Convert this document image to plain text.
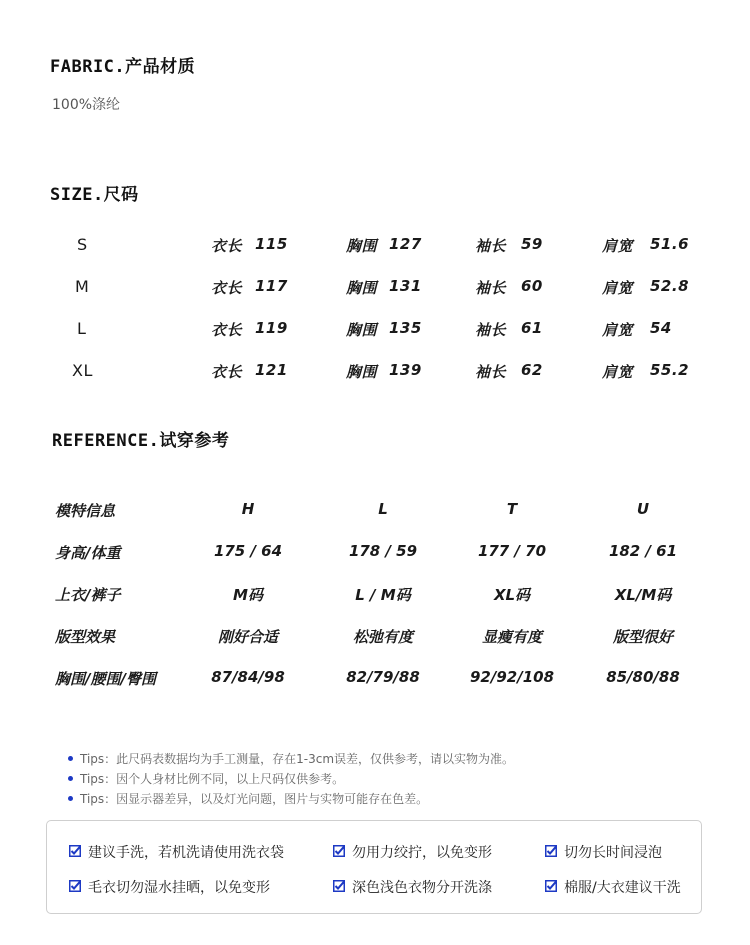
FABRIC.产品材质
100%涤纶
SIZE.尺码
S	衣长 115	胸围 127	袖长 59	肩宽 51.6
M	衣长 117	胸围 131	袖长 60	肩宽 52.8
L	衣长 119	胸围 135	袖长 61	肩宽 54
XL	衣长 121	胸围 139	袖长 62	肩宽 55.2
REFERENCE.试穿参考
模特信息	H	L	T	U
身高/体重	175 / 64	178 / 59	177 / 70	182 / 61
上衣/裤子	M码	L / M码	XL码	XL/M码
版型效果	刚好合适	松弛有度	显瘦有度	版型很好
胸围/腰围/臀围	87/84/98	82/79/88	92/92/108	85/80/88
Tips：此尺码表数据均为手工测量，存在1-3cm误差，仅供参考，请以实物为准。
Tips：因个人身材比例不同，以上尺码仅供参考。
Tips：因显示器差异，以及灯光问题，图片与实物可能存在色差。
建议手洗，若机洗请使用洗衣袋	勿用力绞拧，以免变形	切勿长时间浸泡
毛衣切勿湿水挂晒，以免变形	深色浅色衣物分开洗涤	棉服/大衣建议干洗
